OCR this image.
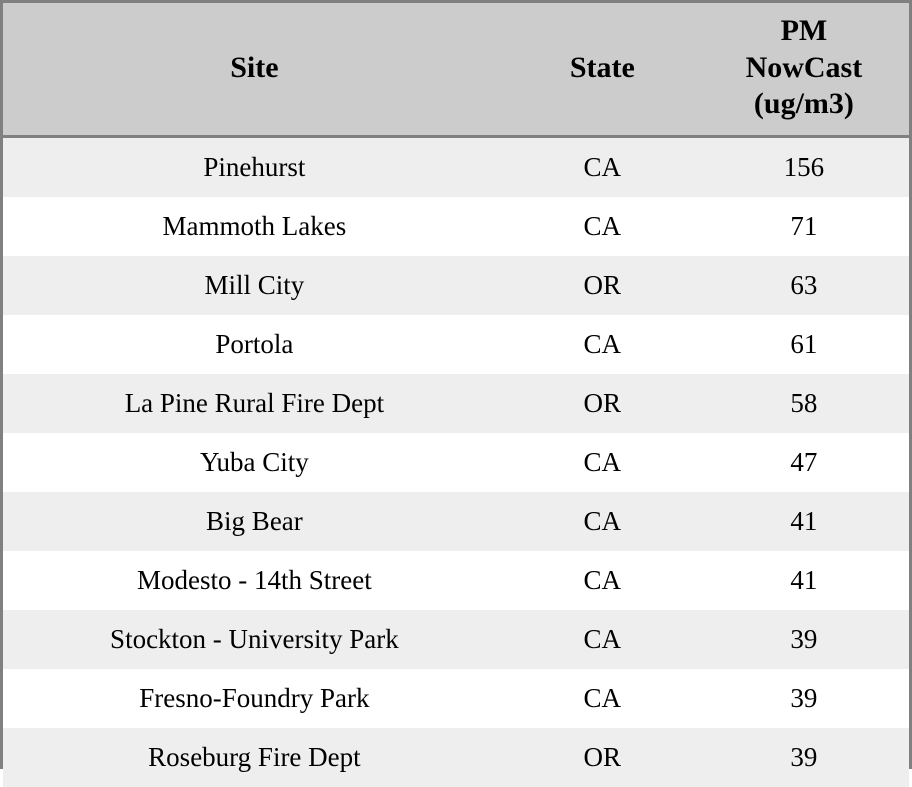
Site	State	PM
NowCast
(ug/m3)

Pinehurst	CA	156
Mammoth Lakes	CA	71
Mill City	OR	63
Portola	CA	61
La Pine Rural Fire Dept	OR	58
Yuba City	CA	47
Big Bear	CA	41
Modesto - 14th Street	CA	41
Stockton - University Park	CA	39
Fresno-Foundry Park	CA	39
Roseburg Fire Dept	OR	39
